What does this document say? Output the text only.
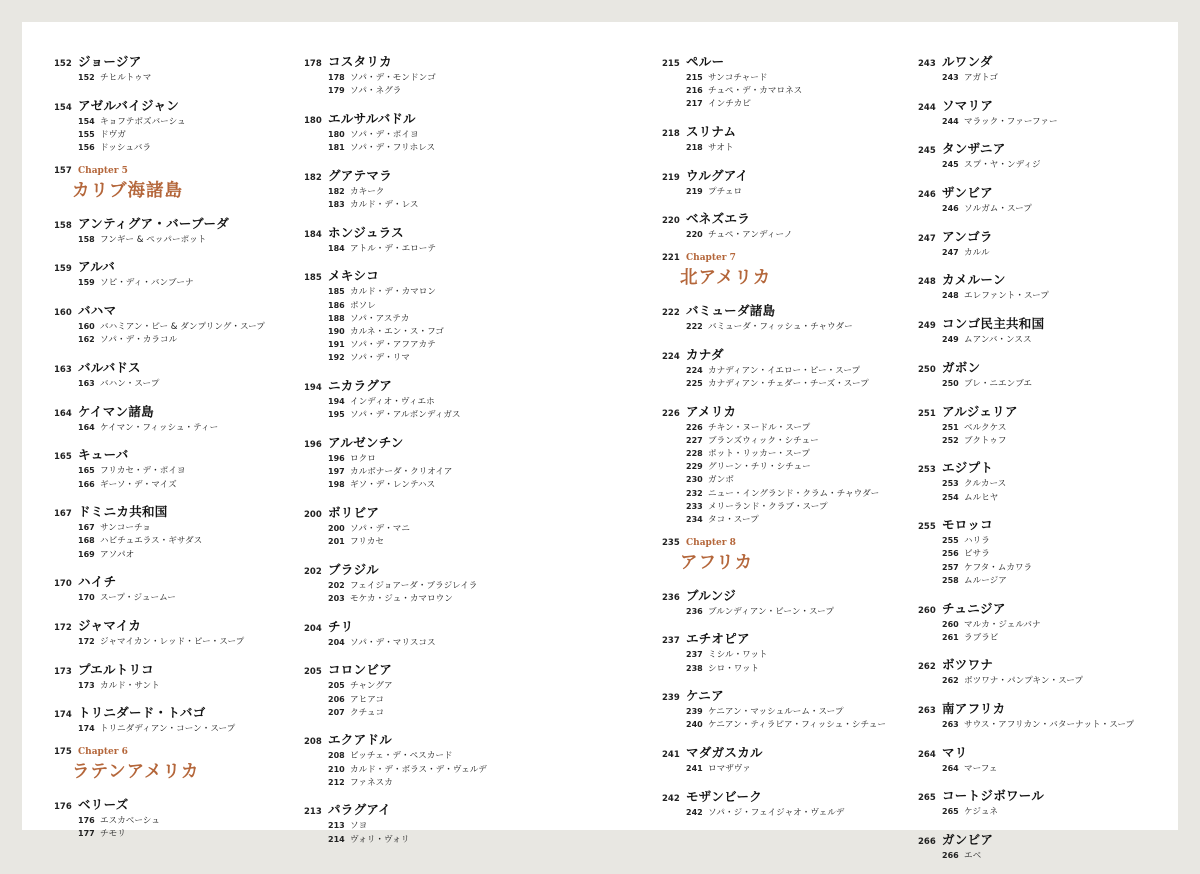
152 ジョージア
152 チヒルトゥマ
154 アゼルバイジャン
154 キョフテボズバーシュ
155 ドヴガ
156 ドッシュバラ
157 Chapter 5
カリブ海諸島
158 アンティグア・バーブーダ
158 フンギー & ペッパーポット
159 アルバ
159 ソピ・ディ・バンブーナ
160 バハマ
160 バハミアン・ピー & ダンプリング・スープ
162 ソパ・デ・カラコル
163 バルバドス
163 バハン・スープ
164 ケイマン諸島
164 ケイマン・フィッシュ・ティー
165 キューバ
165 フリカセ・デ・ポイヨ
166 ギーソ・デ・マイズ
167 ドミニカ共和国
167 サンコーチョ
168 ハビチュエラス・ギサダス
169 アソパオ
170 ハイチ
170 スープ・ジュームー
172 ジャマイカ
172 ジャマイカン・レッド・ピー・スープ
173 プエルトリコ
173 カルド・サント
174 トリニダード・トバゴ
174 トリニダディアン・コーン・スープ
175 Chapter 6
ラテンアメリカ
176 ベリーズ
176 エスカベーシュ
177 チモリ
178 コスタリカ
178 ソパ・デ・モンドンゴ
179 ソパ・ネグラ
180 エルサルバドル
180 ソパ・デ・ポイヨ
181 ソパ・デ・フリホレス
182 グアテマラ
182 カキーク
183 カルド・デ・レス
184 ホンジュラス
184 アトル・デ・エローテ
185 メキシコ
185 カルド・デ・カマロン
186 ポソレ
188 ソパ・アステカ
190 カルネ・エン・ス・フゴ
191 ソパ・デ・アフアカテ
192 ソパ・デ・リマ
194 ニカラグア
194 インディオ・ヴィエホ
195 ソパ・デ・アルボンディガス
196 アルゼンチン
196 ロクロ
197 カルボナーダ・クリオイア
198 ギソ・デ・レンテハス
200 ボリビア
200 ソパ・デ・マニ
201 フリカセ
202 ブラジル
202 フェイジョアーダ・ブラジレイラ
203 モケカ・ジュ・カマロウン
204 チリ
204 ソパ・デ・マリスコス
205 コロンビア
205 チャングア
206 アヒアコ
207 クチュコ
208 エクアドル
208 ビッチェ・デ・ペスカード
210 カルド・デ・ボラス・デ・ヴェルデ
212 ファネスカ
213 パラグアイ
213 ソヨ
214 ヴォリ・ヴォリ
215 ペルー
215 サンコチャード
216 チュペ・デ・カマロネス
217 インチカピ
218 スリナム
218 サオト
219 ウルグアイ
219 プチェロ
220 ベネズエラ
220 チュペ・アンディーノ
221 Chapter 7
北アメリカ
222 バミューダ諸島
222 バミューダ・フィッシュ・チャウダー
224 カナダ
224 カナディアン・イエロー・ピー・スープ
225 カナディアン・チェダー・チーズ・スープ
226 アメリカ
226 チキン・ヌードル・スープ
227 ブランズウィック・シチュー
228 ポット・リッカー・スープ
229 グリーン・チリ・シチュー
230 ガンボ
232 ニュー・イングランド・クラム・チャウダー
233 メリーランド・クラブ・スープ
234 タコ・スープ
235 Chapter 8
アフリカ
236 ブルンジ
236 ブルンディアン・ビーン・スープ
237 エチオピア
237 ミシル・ワット
238 シロ・ワット
239 ケニア
239 ケニアン・マッシュルーム・スープ
240 ケニアン・ティラピア・フィッシュ・シチュー
241 マダガスカル
241 ロマザヴァ
242 モザンビーク
242 ソパ・ジ・フェイジャオ・ヴェルデ
243 ルワンダ
243 アガトゴ
244 ソマリア
244 マラック・ファーファー
245 タンザニア
245 スプ・ヤ・ンディジ
246 ザンビア
246 ソルガム・スープ
247 アンゴラ
247 カルル
248 カメルーン
248 エレファント・スープ
249 コンゴ民主共和国
249 ムアンバ・ンスス
250 ガボン
250 ブレ・ニエンブエ
251 アルジェリア
251 ベルクケス
252 ブクトゥフ
253 エジプト
253 クルカース
254 ムルヒヤ
255 モロッコ
255 ハリラ
256 ビサラ
257 ケフタ・ムカワラ
258 ムルージア
260 チュニジア
260 マルカ・ジェルバナ
261 ラブラビ
262 ボツワナ
262 ボツワナ・パンプキン・スープ
263 南アフリカ
263 サウス・アフリカン・バターナット・スープ
264 マリ
264 マーフェ
265 コートジボワール
265 ケジュネ
266 ガンビア
266 エベ
